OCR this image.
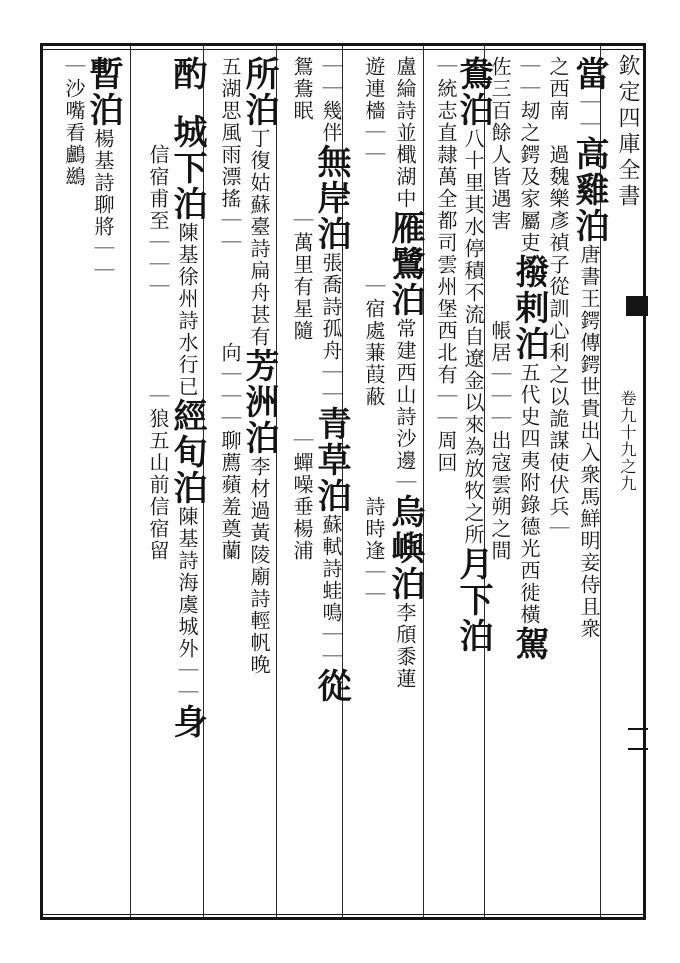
欽定四庫全書卷九十九之九
當｜｜高雞泊唐書王鍔傳鍔世貴出入衆馬鮮明妾侍且衆
之西南　過魏樂彥禎子從訓心利之以詭謀使伏兵｜
｜｜刼之鍔及家屬吏撥剌泊五代史四夷附錄德光西徙橫駕
佐三百餘人皆遇害　　　　帳居｜｜｜出寇雲朔之間
鴦泊八十里其水停積不流自遼金以來為放牧之所月下泊
｜統志直隷萬全都司雲州堡西北有｜｜周回
盧綸詩並檝湖中雁鷺泊常建西山詩沙邊｜烏嶼泊李頎黍蓮
遊連檣｜｜　　　　　｜宿處蒹葭蔽　　　　詩時逢｜｜
｜｜幾伴無岸泊張喬詩孤舟｜｜青草泊蘇軾詩蛙鳴｜｜從
鴛鴦眠　　　　｜萬里有星隨　　　　｜蟬噪垂楊浦
所泊丁復姑蘇臺詩扁舟甚有芳洲泊李材過黃陵廟詩輕帆晚
五湖思風雨漂搖｜｜　　　　向｜｜｜聊薦蘋羞奠蘭
酌　城下泊陳基徐州詩水行已經旬泊陳基詩海虞城外｜｜身
　　　　信宿甫至｜｜｜　　　　｜狼五山前信宿留
暫泊楊基詩聊將｜｜
｜沙嘴看鸕鷀
